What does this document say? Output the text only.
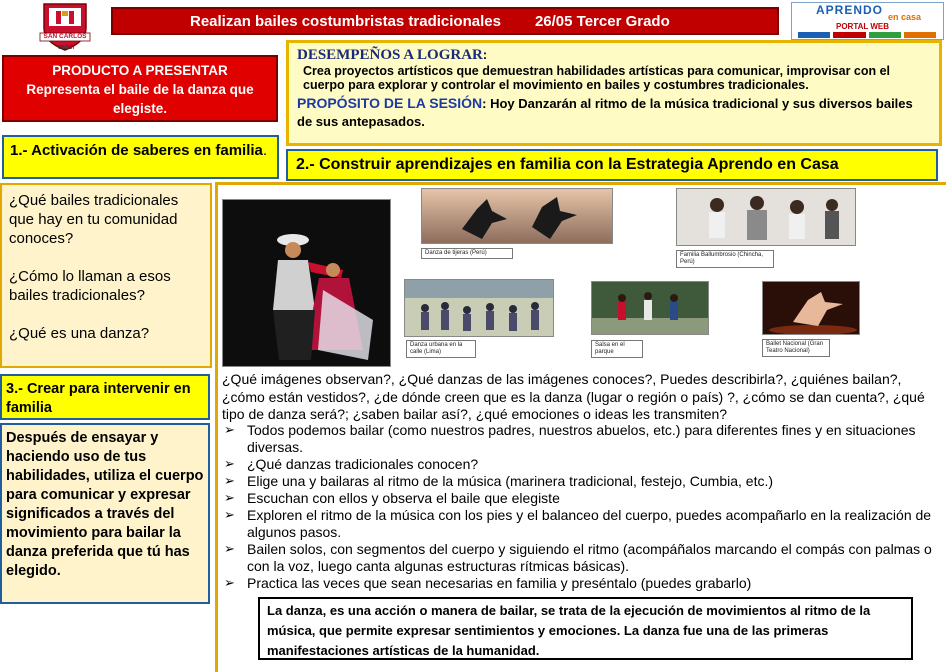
SAN CARLOS
ONSET
Realizan bailes costumbristas tradicionales 26/05 Tercer Grado
APRENDO en casa
PORTAL WEB
PRODUCTO A PRESENTAR
Representa el baile de la danza que elegiste.
DESEMPEÑOS A LOGRAR:
Crea proyectos artísticos que demuestran habilidades artísticas para comunicar, improvisar con el cuerpo para explorar y controlar el movimiento en bailes y costumbres tradicionales.
PROPÓSITO DE LA SESIÓN: Hoy Danzarán al ritmo de la música tradicional y sus diversos bailes de sus antepasados.
1.- Activación de saberes en familia.

¿Qué bailes tradicionales que hay en tu comunidad conoces?

¿Cómo lo llaman a esos bailes tradicionales?

¿Qué es una danza?

2.- Construir aprendizajes en familia con la Estrategia Aprendo en Casa
Danza de tijeras (Perú)	Familia Ballumbrosio (Chincha, Perú)
Danza urbana en la calle (Lima)
Salsa en el parque
Ballet Nacional (Gran Teatro Nacional)
¿Qué imágenes observan?, ¿Qué danzas de las imágenes conoces?, Puedes describirla?, ¿quiénes bailan?, ¿cómo están vestidos?, ¿de dónde creen que es la danza (lugar o región o país) ?, ¿cómo se dan cuenta?, ¿qué tipo de danza será?; ¿saben bailar así?, ¿qué emociones o ideas les transmiten?
➢ Todos podemos bailar (como nuestros padres, nuestros abuelos, etc.) para diferentes fines y en situaciones diversas.
➢ ¿Qué danzas tradicionales conocen?
➢ Elige una y bailaras al ritmo de la música (marinera tradicional, festejo, Cumbia, etc.)
➢ Escuchan con ellos y observa el baile que elegiste
➢ Exploren el ritmo de la música con los pies y el balanceo del cuerpo, puedes acompañarlo en la realización de algunos pasos.
➢ Bailen solos, con segmentos del cuerpo y siguiendo el ritmo (acompáñalos marcando el compás con palmas o con la voz, luego canta algunas estructuras rítmicas básicas).
➢ Practica las veces que sean necesarias en familia y preséntalo (puedes grabarlo)
La danza, es una acción o manera de bailar, se trata de la ejecución de movimientos al ritmo de la música, que permite expresar sentimientos y emociones. La danza fue una de las primeras manifestaciones artísticas de la humanidad.
3.- Crear para intervenir en familia
Después de ensayar y haciendo uso de tus habilidades, utiliza el cuerpo para comunicar y expresar significados a través del movimiento para bailar la danza preferida que tú has elegido.
